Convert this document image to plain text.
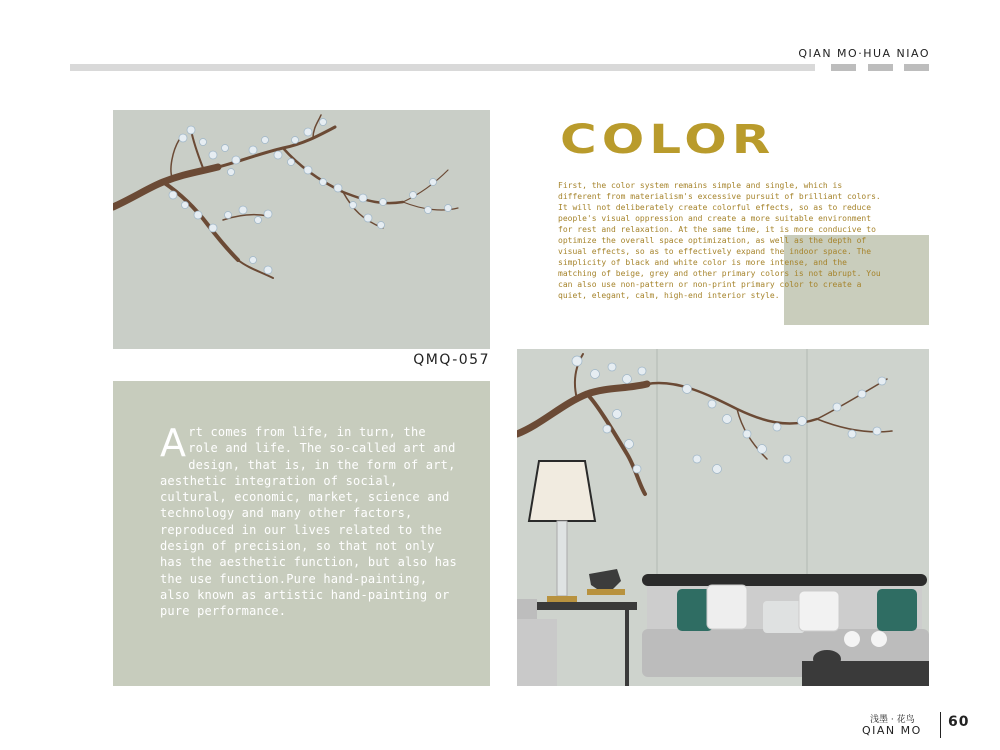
QIAN MO·HUA NIAO
QMQ-057
Art comes from life, in turn, the role and life. The so-called art and design, that is, in the form of art, aesthetic integration of social, cultural, economic, market, science and technology and many other factors, reproduced in our lives related to the design of precision, so that not only has the aesthetic function, but also has the use function.Pure hand-painting, also known as artistic hand-painting or pure performance.
COLOR
First, the color system remains simple and single, which is different from materialism's excessive pursuit of brilliant colors. It will not deliberately create colorful effects, so as to reduce people's visual oppression and create a more suitable environment for rest and relaxation. At the same time, it is more conducive to optimize the overall space optimization, as well as the depth of visual effects, so as to effectively expand the indoor space. The simplicity of black and white color is more intense, and the matching of beige, grey and other primary colors is not abrupt. You can also use non-pattern or non-print primary color to create a quiet, elegant, calm, high-end interior style.
浅墨 · 花鸟
QIAN MO
60
